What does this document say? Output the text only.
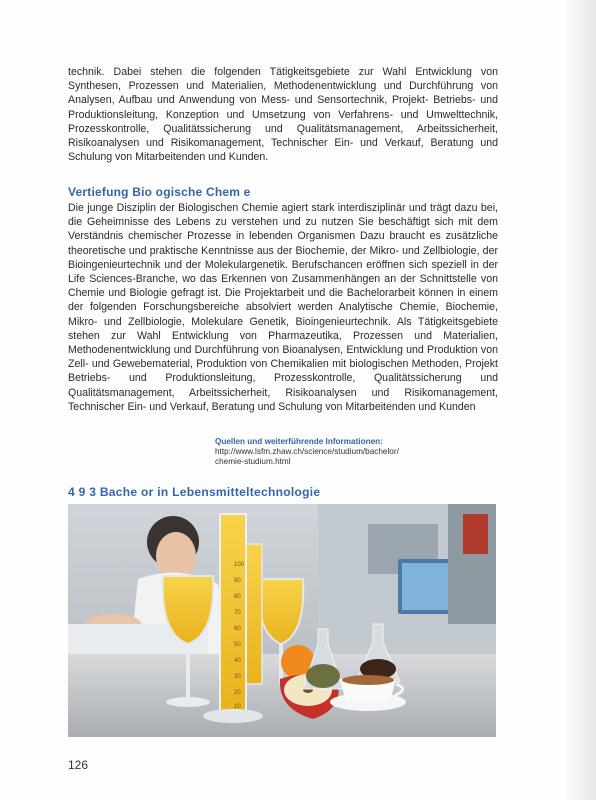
technik. Dabei stehen die folgenden Tätigkeitsgebiete zur Wahl Entwicklung von Synthesen, Prozessen und Materialien, Methodenentwicklung und Durchführung von Analysen, Aufbau und Anwendung von Mess- und Sensortechnik, Projekt- Betriebs- und Produktionsleitung, Konzeption und Umsetzung von Verfahrens- und Umwelttechnik, Prozesskontrolle, Qualitätssicherung und Qualitätsmanagement, Arbeitssicherheit, Risikoanalysen und Risikomanagement, Technischer Ein- und Verkauf, Beratung und Schulung von Mitarbeitenden und Kunden.

Vertiefung Bio ogische Chem e

Die junge Disziplin der Biologischen Chemie agiert stark interdisziplinär und trägt dazu bei, die Geheimnisse des Lebens zu verstehen und zu nutzen Sie beschäftigt sich mit dem Verständnis chemischer Prozesse in lebenden Organismen Dazu braucht es zusätzliche theoretische und praktische Kenntnisse aus der Biochemie, der Mikro- und Zellbiologie, der Bioingenieurtechnik und der Molekulargenetik. Berufschancen eröffnen sich speziell in der Life Sciences-Branche, wo das Erkennen von Zusammenhängen an der Schnittstelle von Chemie und Biologie gefragt ist. Die Projektarbeit und die Bachelorarbeit können in einem der folgenden Forschungsbereiche absolviert werden Analytische Chemie, Biochemie, Mikro- und Zellbiologie, Molekulare Genetik, Bioingenieurtechnik. Als Tätigkeitsgebiete stehen zur Wahl Entwicklung von Pharmazeutika, Prozessen und Materialien, Methodenentwicklung und Durchführung von Bioanalysen, Entwicklung und Produktion von Zell- und Gewebematerial, Produktion von Chemikalien mit biologischen Methoden, Projekt Betriebs- und Produktionsleitung, Prozesskontrolle, Qualitätssicherung und Qualitätsmanagement, Arbeitssicherheit, Risikoanalysen und Risikomanagement, Technischer Ein- und Verkauf, Beratung und Schulung von Mitarbeitenden und Kunden

Quellen und weiterführende Informationen:
http://www.lsfm.zhaw.ch/science/studium/bachelor/
chemie-studium.html
4 9 3 Bache or in Lebensmitteltechnologie
100
90
80
70
60
50
40
30
20
10
126
